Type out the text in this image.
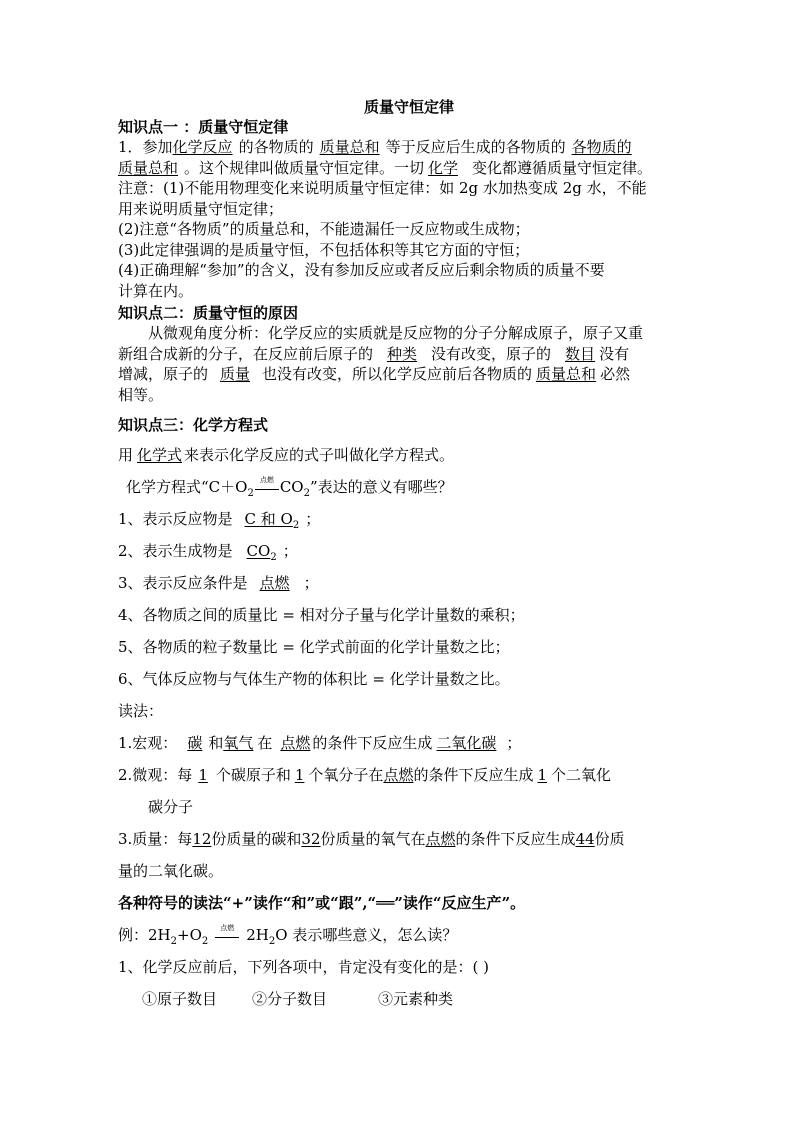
质量守恒定律
知识点一 ：质量守恒定律
1．参加化学反应 的各物质的 质量总和 等于反应后生成的各物质的 各物质的
质量总和 。这个规律叫做质量守恒定律。一切 化学 变化都遵循质量守恒定律。
注意：(1)不能用物理变化来说明质量守恒定律：如 2g 水加热变成 2g 水，不能
用来说明质量守恒定律；
(2)注意“各物质”的质量总和，不能遗漏任一反应物或生成物；
(3)此定律强调的是质量守恒，不包括体积等其它方面的守恒；
(4)正确理解“参加”的含义，没有参加反应或者反应后剩余物质的质量不要
计算在内。
知识点二：质量守恒的原因
从微观角度分析：化学反应的实质就是反应物的分子分解成原子，原子又重
新组合成新的分子，在反应前后原子的 种类 没有改变，原子的 数目 没有
增减，原子的 质量 也没有改变，所以化学反应前后各物质的 质量总和 必然
相等。
知识点三：化学方程式
用 化学式 来表示化学反应的式子叫做化学方程式。
化学方程式“$C+O_2$
点燃 $CO_2$”表达的意义有哪些？
1、表示反应物是 C 和 $O_2$ ；
2、表示生成物是 $CO_2$ ；
3、表示反应条件是 点燃 ；
4、各物质之间的质量比 = 相对分子量与化学计量数的乘积；
5、各物质的粒子数量比 = 化学式前面的化学计量数之比；
6、气体反应物与气体生产物的体积比 = 化学计量数之比。
读法：
1.宏观： 碳 和氧气 在 点燃 的条件下反应生成 二氧化碳 ；
2.微观：每 1 个碳原子和 1 个氧分子在点燃的条件下反应生成 1 个二氧化
碳分子
3.质量：每12份质量的碳和32份质量的氧气在点燃的条件下反应生成44份质
量的二氧化碳。
各种符号的读法“+”读作“和”或“跟”,“══”读作“反应生产”。
例：$2H_2+O_2$
点燃 $2H_2O$ 表示哪些意义，怎么读？
1、化学反应前后，下列各项中，肯定没有变化的是：( )
①原子数目 ②分子数目	③元素种类
